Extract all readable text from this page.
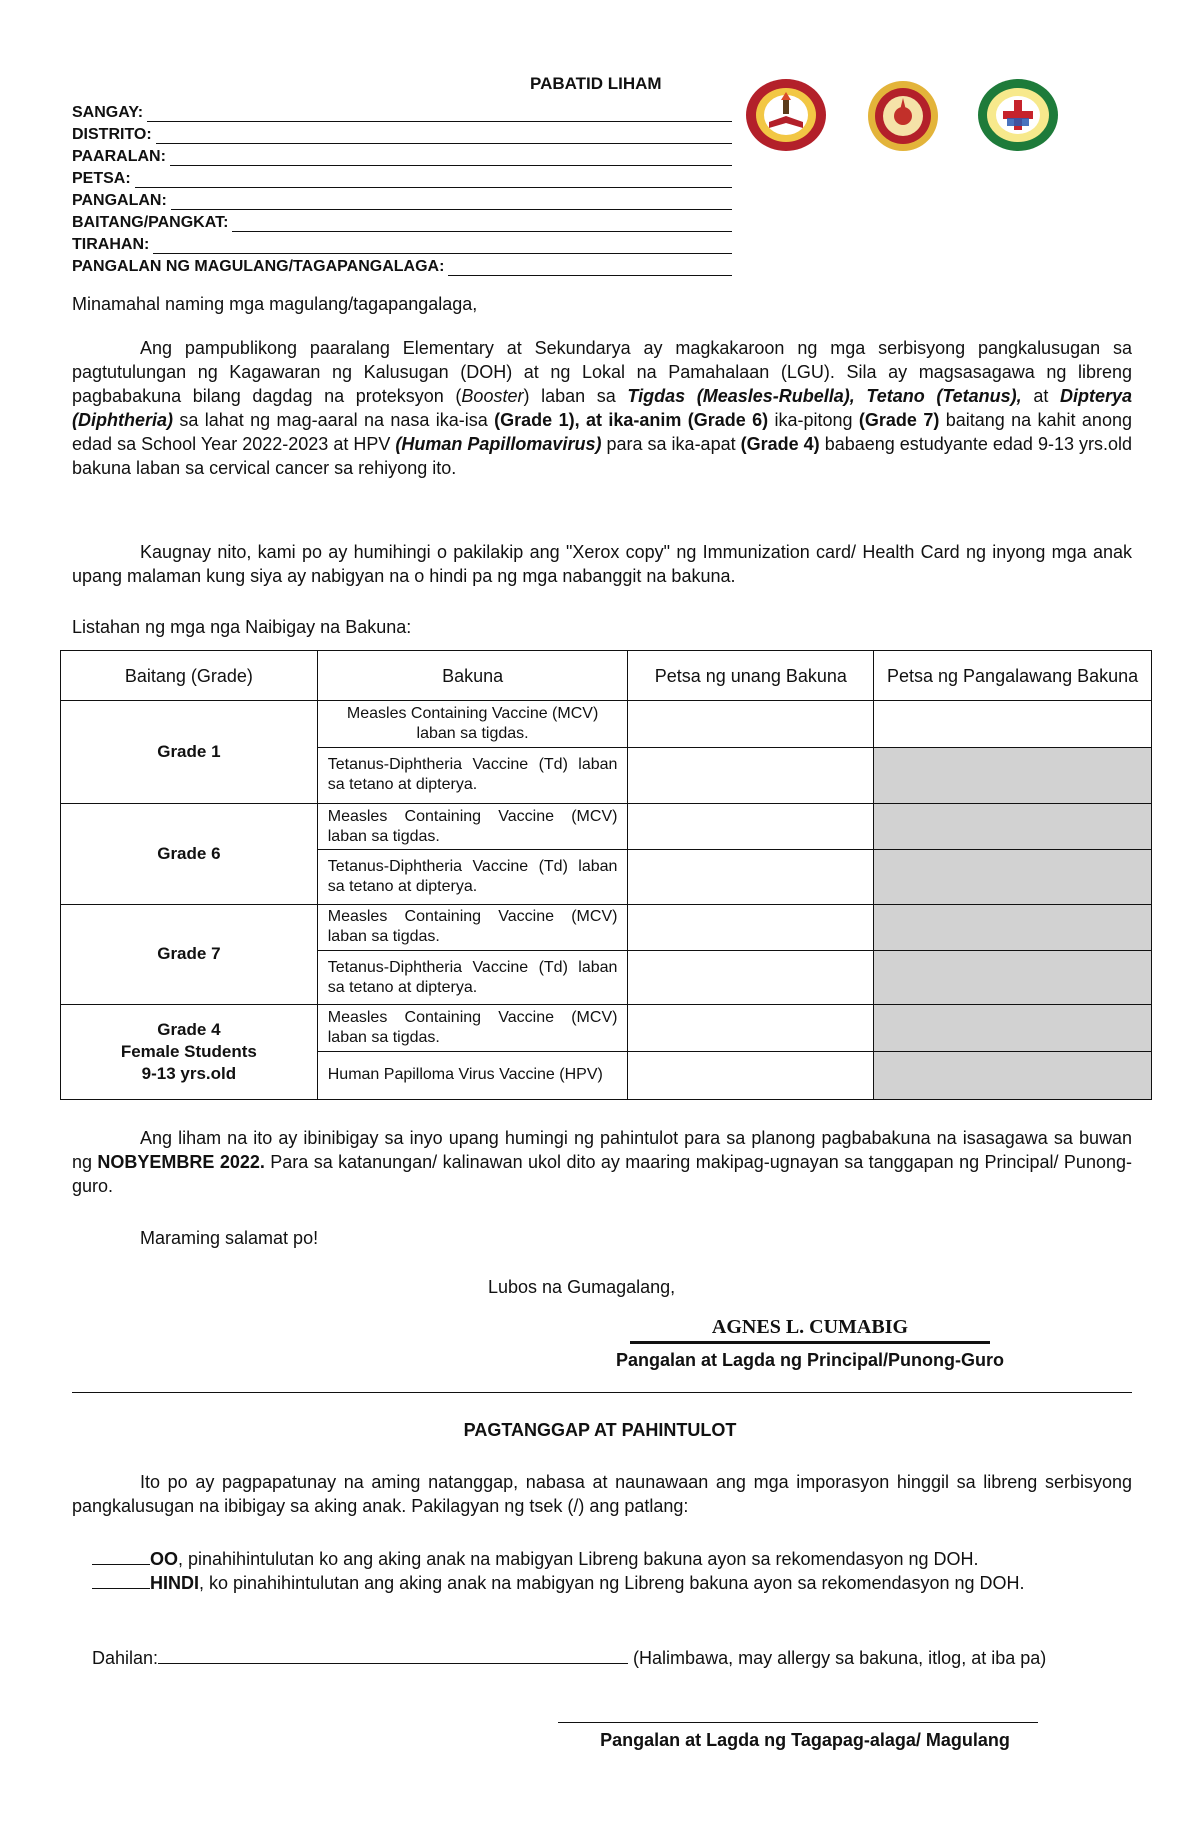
PABATID LIHAM
SANGAY:
DISTRITO:
PAARALAN:
PETSA:
PANGALAN:
BAITANG/PANGKAT:
TIRAHAN:
PANGALAN NG MAGULANG/TAGAPANGALAGA:
Minamahal naming mga magulang/tagapangalaga,
Ang pampublikong paaralang Elementary at Sekundarya ay magkakaroon ng mga serbisyong pangkalusugan sa pagtutulungan ng Kagawaran ng Kalusugan (DOH) at ng Lokal na Pamahalaan (LGU). Sila ay magsasagawa ng libreng pagbabakuna bilang dagdag na proteksyon (Booster) laban sa Tigdas (Measles-Rubella), Tetano (Tetanus), at Dipterya (Diphtheria) sa lahat ng mag-aaral na nasa ika-isa (Grade 1), at ika-anim (Grade 6) ika-pitong (Grade 7) baitang na kahit anong edad sa School Year 2022-2023 at HPV (Human Papillomavirus) para sa ika-apat (Grade 4) babaeng estudyante edad 9-13 yrs.old bakuna laban sa cervical cancer sa rehiyong ito.
Kaugnay nito, kami po ay humihingi o pakilakip ang "Xerox copy" ng Immunization card/ Health Card ng inyong mga anak upang malaman kung siya ay nabigyan na o hindi pa ng mga nabanggit na bakuna.
Listahan ng mga nga Naibigay na Bakuna:
Baitang (Grade)	Bakuna	Petsa ng unang Bakuna	Petsa ng Pangalawang Bakuna
Grade 1	Measles Containing Vaccine (MCV) laban sa tigdas.		
	Tetanus-Diphtheria Vaccine (Td) laban sa tetano at dipterya.		
Grade 6	Measles Containing Vaccine (MCV) laban sa tigdas.		
	Tetanus-Diphtheria Vaccine (Td) laban sa tetano at dipterya.		
Grade 7	Measles Containing Vaccine (MCV) laban sa tigdas.		
	Tetanus-Diphtheria Vaccine (Td) laban sa tetano at dipterya.		

Grade 4
Female Students
9-13 yrs.old	Measles Containing Vaccine (MCV) laban sa tigdas.		
	Human Papilloma Virus Vaccine (HPV)		
Ang liham na ito ay ibinibigay sa inyo upang humingi ng pahintulot para sa planong pagbabakuna na isasagawa sa buwan ng NOBYEMBRE 2022. Para sa katanungan/ kalinawan ukol dito ay maaring makipag-ugnayan sa tanggapan ng Principal/ Punong-guro.
Maraming salamat po!
Lubos na Gumagalang,
AGNES L. CUMABIG
Pangalan at Lagda ng Principal/Punong-Guro
PAGTANGGAP AT PAHINTULOT
Ito po ay pagpapatunay na aming natanggap, nabasa at naunawaan ang mga imporasyon hinggil sa libreng serbisyong pangkalusugan na ibibigay sa aking anak. Pakilagyan ng tsek (/) ang patlang:
OO, pinahihintulutan ko ang aking anak na mabigyan Libreng bakuna ayon sa rekomendasyon ng DOH.
HINDI, ko pinahihintulutan ang aking anak na mabigyan ng Libreng bakuna ayon sa rekomendasyon ng DOH.
Dahilan:	(Halimbawa, may allergy sa bakuna, itlog, at iba pa)
Pangalan at Lagda ng Tagapag-alaga/ Magulang
